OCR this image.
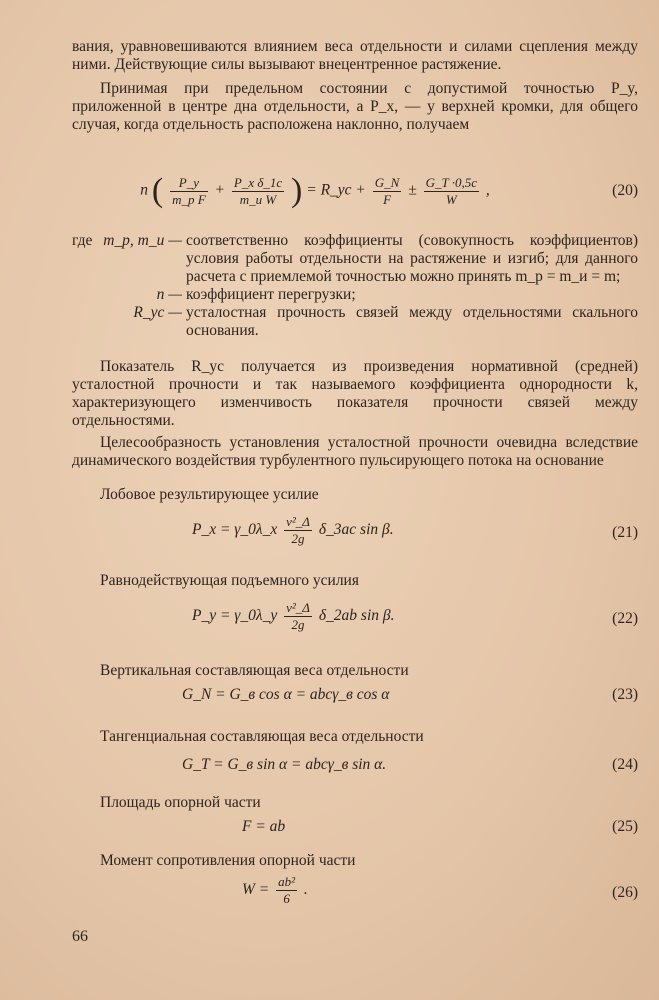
вания, уравновешиваются влиянием веса отдельности и силами сцепления между ними. Действующие силы вызывают внецентренное растяжение.

Принимая при предельном состоянии с допустимой точностью P_y, приложенной в центре дна отдельности, а P_x, — у верхней кромки, для общего случая, когда отдельность расположена наклонно, получаем

n ( $\frac{P\_y}{\text{m\_p F}} + \frac{\text{P\_x δ\_1c}}{\text{m\_и W}}$ ) = R_ус + $\frac{G\_N}{F} \pm \frac{G\_T \cdot 0,5c}{W}$ ,	(20)
где m_p, m_и — соответственно коэффициенты (совокупность коэффициентов) условия работы отдельности на растяжение и изгиб; для данного расчета с приемлемой точностью можно принять m_p = m_и = m;
n — коэффициент перегрузки;
R_ус — усталостная прочность связей между отдельностями скального основания.

Показатель R_ус получается из произведения нормативной (средней) усталостной прочности и так называемого коэффициента однородности k, характеризующего изменчивость показателя прочности связей между отдельностями.

Целесообразность установления усталостной прочности очевидна вследствие динамического воздействия турбулентного пульсирующего потока на основание

Лобовое результирующее усилие
P_x = γ_0λ_x $\frac{\text{v²\_Δ}}{2g}$ δ_3ac sin β.	(21)
Равнодействующая подъемного усилия
P_y = γ_0λ_y $\frac{\text{v²\_Δ}}{2g}$ δ_2ab sin β.	(22)
Вертикальная составляющая веса отдельности
G_N = G_в cos α = abcγ_в cos α	(23)
Тангенциальная составляющая веса отдельности
G_T = G_в sin α = abcγ_в sin α.	(24)
Площадь опорной части
F = ab	(25)
Момент сопротивления опорной части
$W = \frac{\text{ab²}}{6}$ .	(26)
66
